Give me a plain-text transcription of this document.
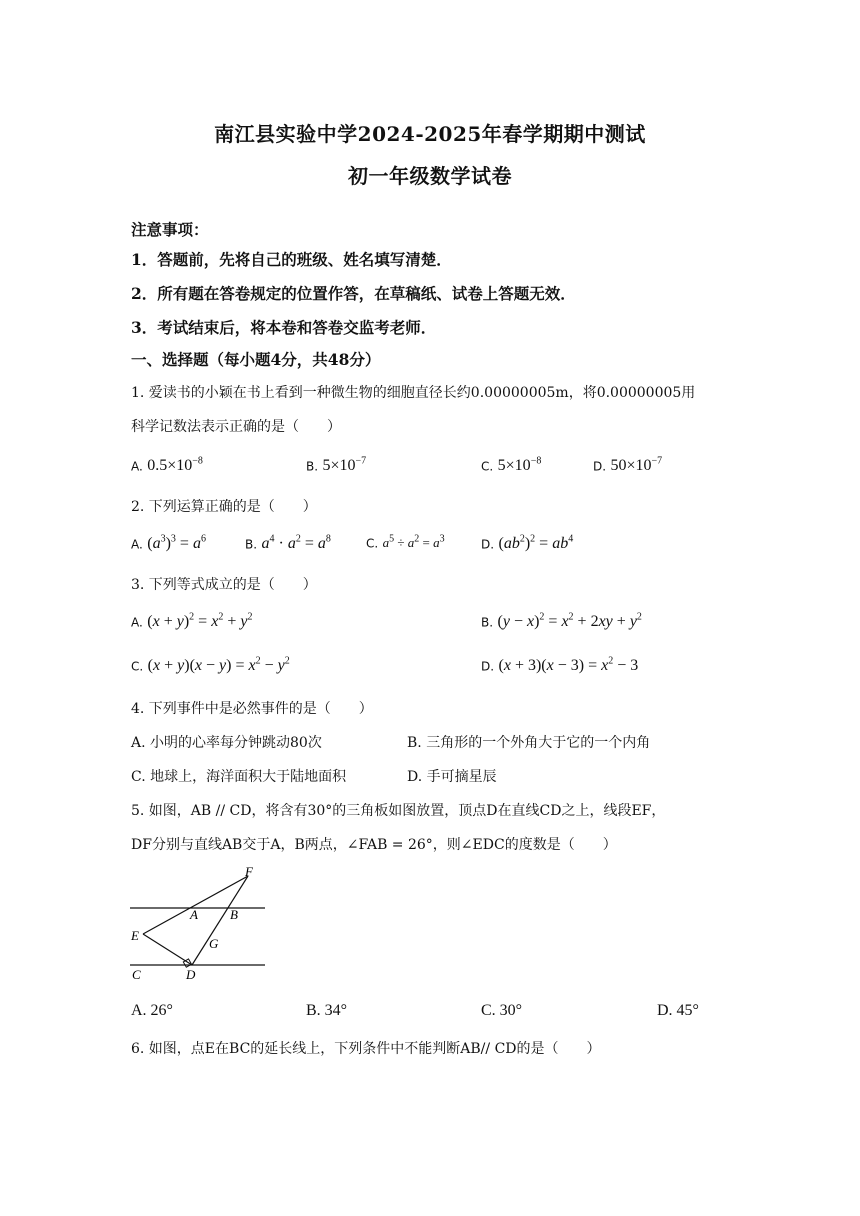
南江县实验中学2024-2025年春学期期中测试
初一年级数学试卷
注意事项：
1．答题前，先将自己的班级、姓名填写清楚．
2．所有题在答卷规定的位置作答，在草稿纸、试卷上答题无效．
3．考试结束后，将本卷和答卷交监考老师．
一、选择题（每小题4分，共48分）
1. 爱读书的小颖在书上看到一种微生物的细胞直径长约0.00000005m，将0.00000005用
科学记数法表示正确的是（　　）
A. $0.5\times 10^{-8}$	B. $5\times 10^{-7}$	C. $5\times 10^{-8}$	D. $50\times 10^{-7}$
2. 下列运算正确的是（　　）
A. $(a^3)^3 = a^6$	B. $a^4 \cdot a^2 = a^8$	C. $a^5 \div a^2 = a^3$	D. $(ab^2)^2 = ab^4$
3. 下列等式成立的是（　　）
A. $(x + y)^2 = x^2 + y^2$	B. $(y - x)^2 = x^2 + 2xy + y^2$
C. $(x + y)(x - y) = x^2 - y^2$	D. $(x + 3)(x - 3) = x^2 - 3$
4. 下列事件中是必然事件的是（　　）
A. 小明的心率每分钟跳动80次	B. 三角形的一个外角大于它的一个内角
C. 地球上，海洋面积大于陆地面积	D. 手可摘星辰
5. 如图，AB // CD，将含有30°的三角板如图放置，顶点D在直线CD之上，线段EF，
DF分别与直线AB交于A，B两点，∠FAB = 26°，则∠EDC的度数是（　　）
F
A B
E
G
C	D
A. 26°	B. 34°	C. 30°	D. 45°
6. 如图，点E在BC的延长线上，下列条件中不能判断AB// CD的是（　　）
